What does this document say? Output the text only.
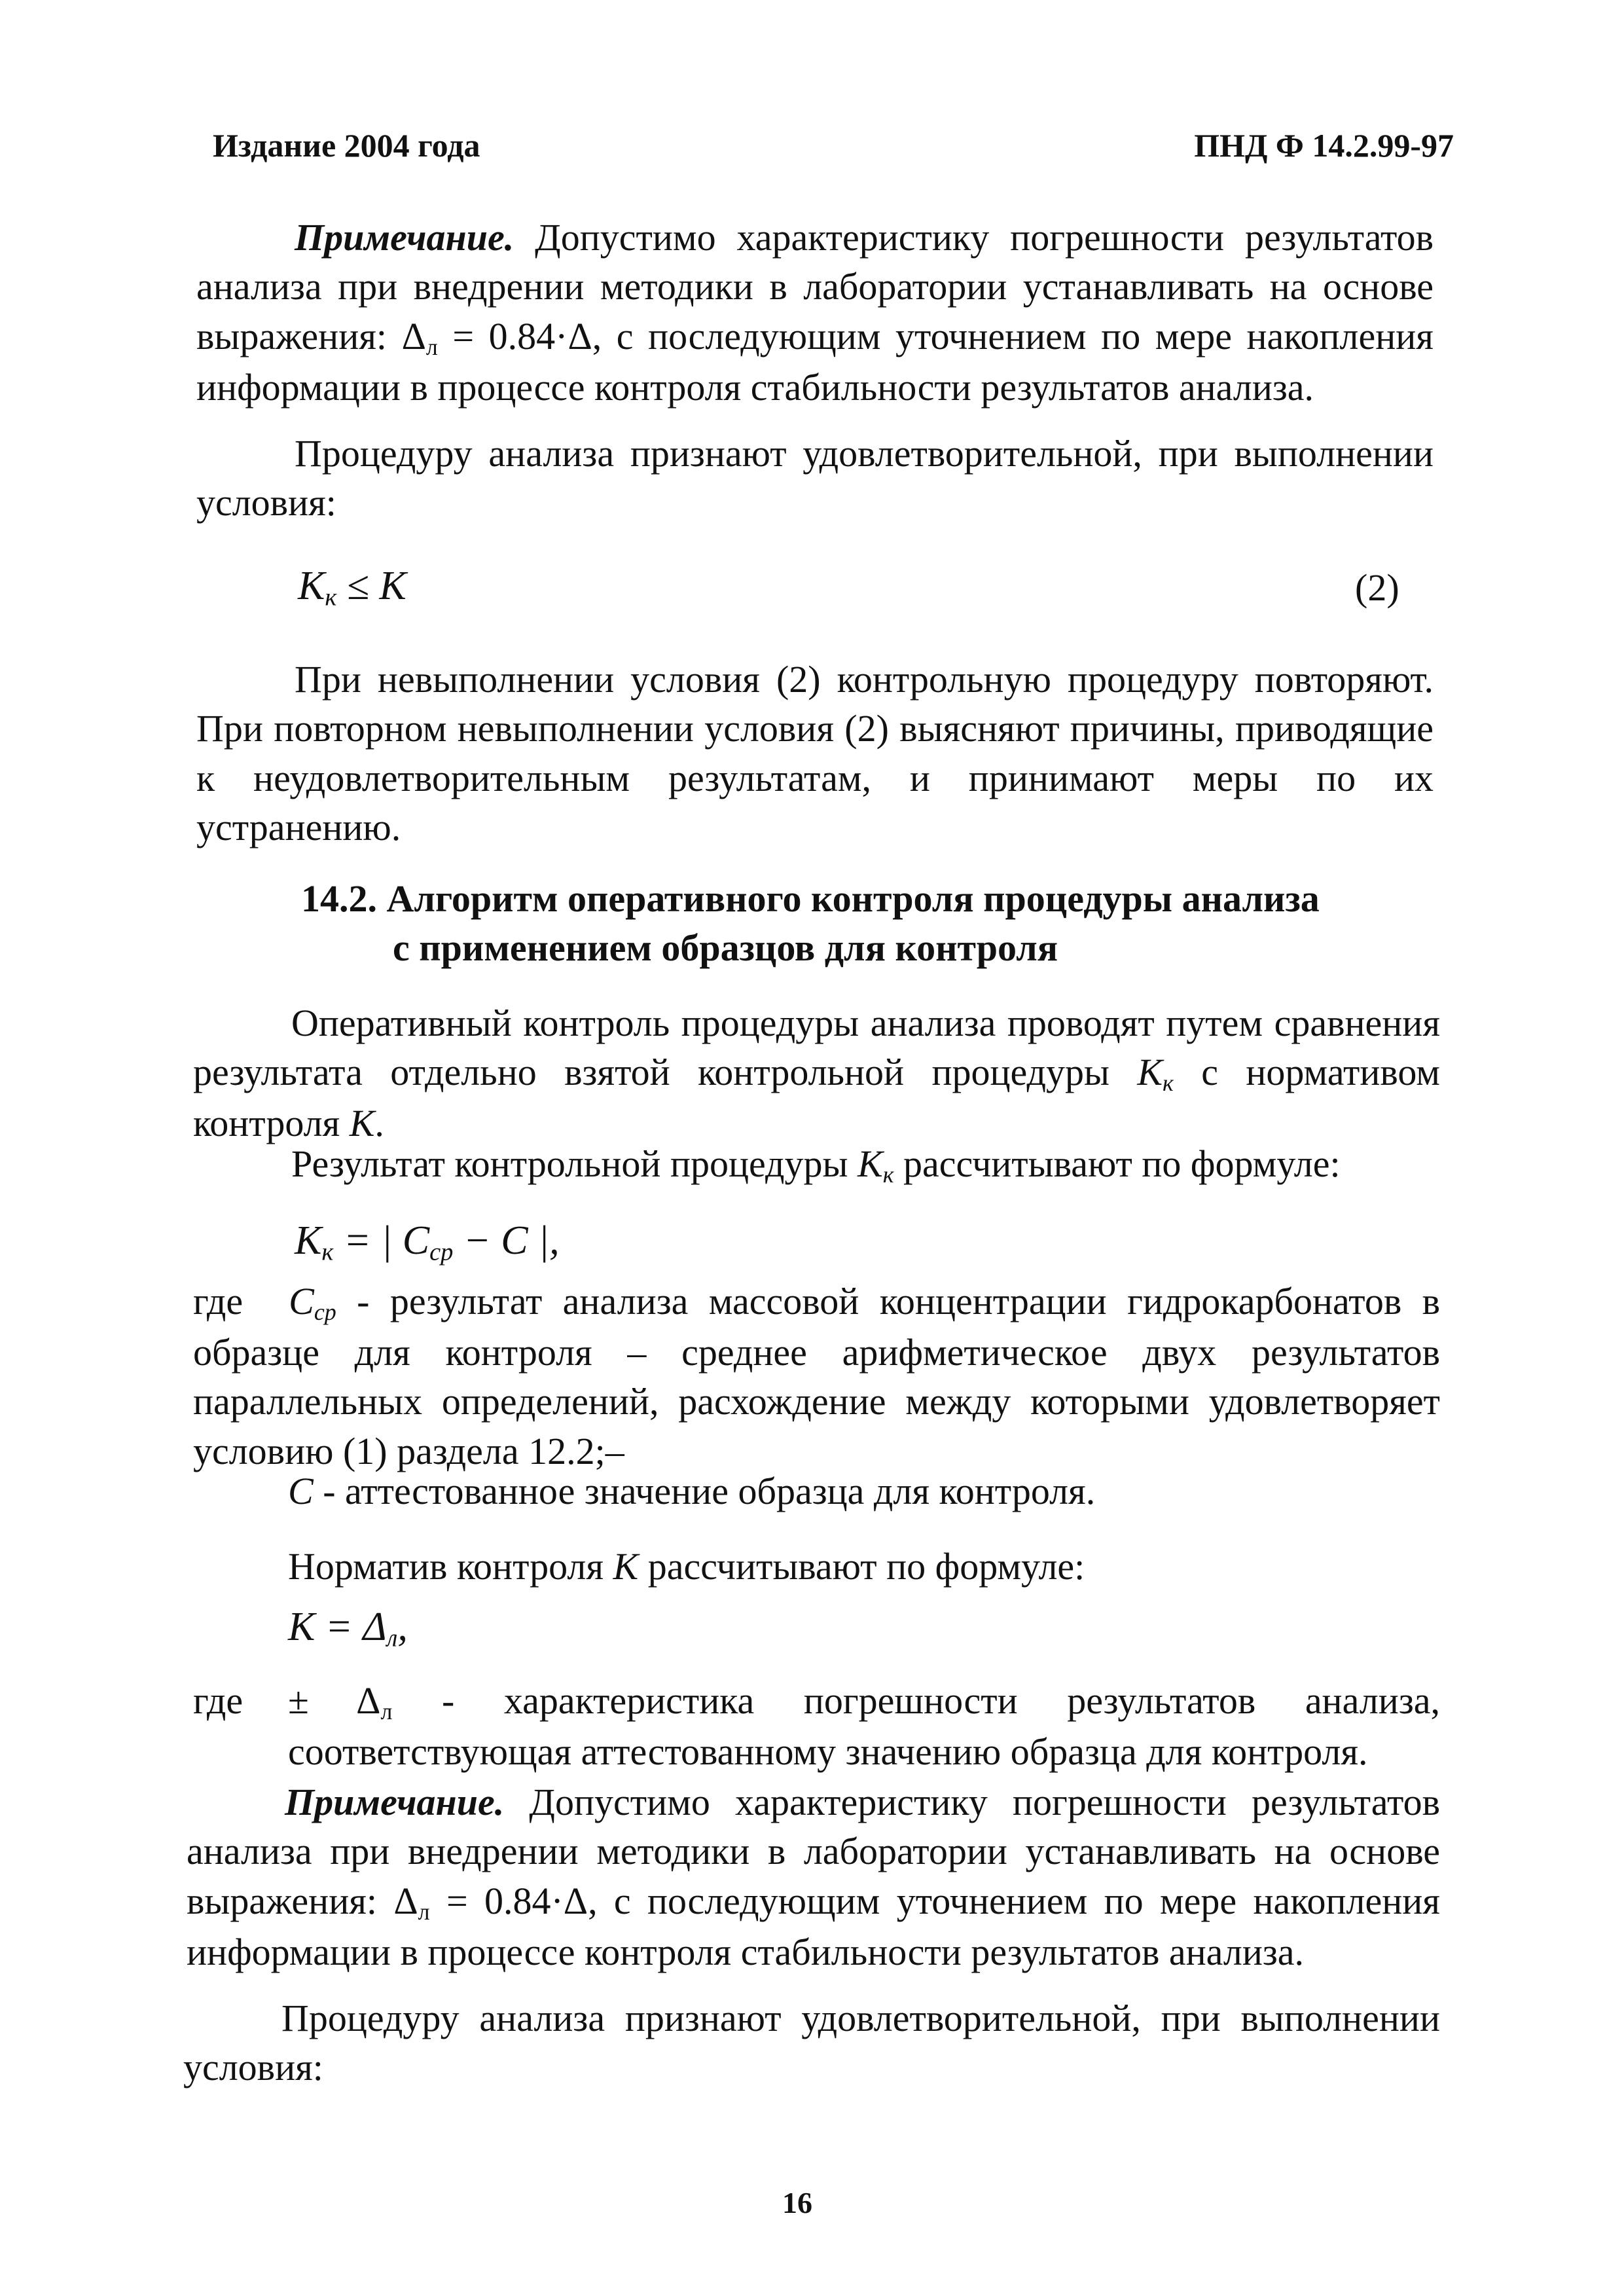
Издание 2004 года	ПНД Ф 14.2.99-97
Примечание. Допустимо характеристику погрешности результатов анализа при внедрении методики в лаборатории устанавливать на основе выражения: $\Delta_л = 0.84\cdot\Delta$, с последующим уточнением по мере накопления информации в процессе контроля стабильности результатов анализа.
Процедуру анализа признают удовлетворительной, при выполнении условия:
$K_к \le K$	(2)
При невыполнении условия (2) контрольную процедуру повторяют. При повторном невыполнении условия (2) выясняют причины, приводящие к неудовлетворительным результатам, и принимают меры по их устранению.
14.2. Алгоритм оперативного контроля процедуры анализа
с применением образцов для контроля
Оперативный контроль процедуры анализа проводят путем сравнения результата отдельно взятой контрольной процедуры $K_к$ с нормативом контроля K.
Результат контрольной процедуры $K_к$ рассчитывают по формуле:
$K_к$ = | $C_{ср} - C$ |,
где $C_{ср}$ - результат анализа массовой концентрации гидрокарбонатов в образце для контроля – среднее арифметическое двух результатов параллельных определений, расхождение между которыми удовлетворяет условию (1) раздела 12.2;–
C - аттестованное значение образца для контроля.
Норматив контроля K рассчитывают по формуле:
$K = \Delta_л$,
где ± $\Delta_л$ - характеристика погрешности результатов анализа, соответствующая аттестованному значению образца для контроля.
Примечание. Допустимо характеристику погрешности результатов анализа при внедрении методики в лаборатории устанавливать на основе выражения: $\Delta_л = 0.84\cdot\Delta$, с последующим уточнением по мере накопления информации в процессе контроля стабильности результатов анализа.
Процедуру анализа признают удовлетворительной, при выполнении условия:
16
